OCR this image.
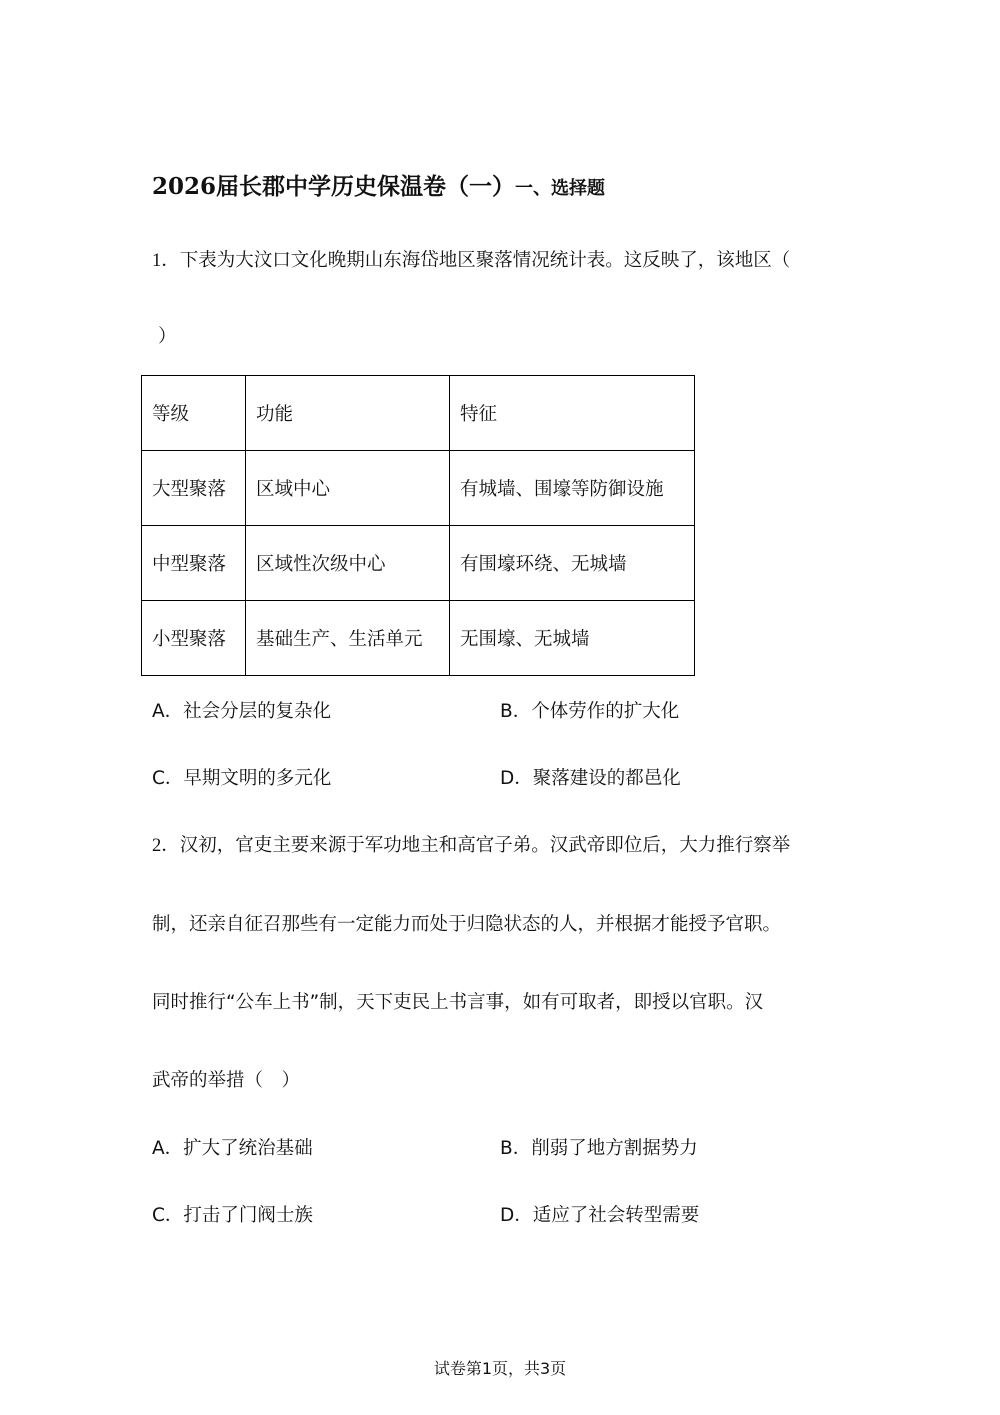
2026届长郡中学历史保温卷（一）一、选择题
1．下表为大汶口文化晚期山东海岱地区聚落情况统计表。这反映了，该地区（
）
等级	功能	特征
大型聚落	区域中心	有城墙、围壕等防御设施
中型聚落	区域性次级中心	有围壕环绕、无城墙
小型聚落	基础生产、生活单元	无围壕、无城墙
A．社会分层的复杂化	B．个体劳作的扩大化
C．早期文明的多元化	D．聚落建设的都邑化
2．汉初，官吏主要来源于军功地主和高官子弟。汉武帝即位后，大力推行察举
制，还亲自征召那些有一定能力而处于归隐状态的人，并根据才能授予官职。
同时推行“公车上书”制，天下吏民上书言事，如有可取者，即授以官职。汉
武帝的举措（　）
A．扩大了统治基础	B．削弱了地方割据势力
C．打击了门阀士族	D．适应了社会转型需要
试卷第1页，共3页
